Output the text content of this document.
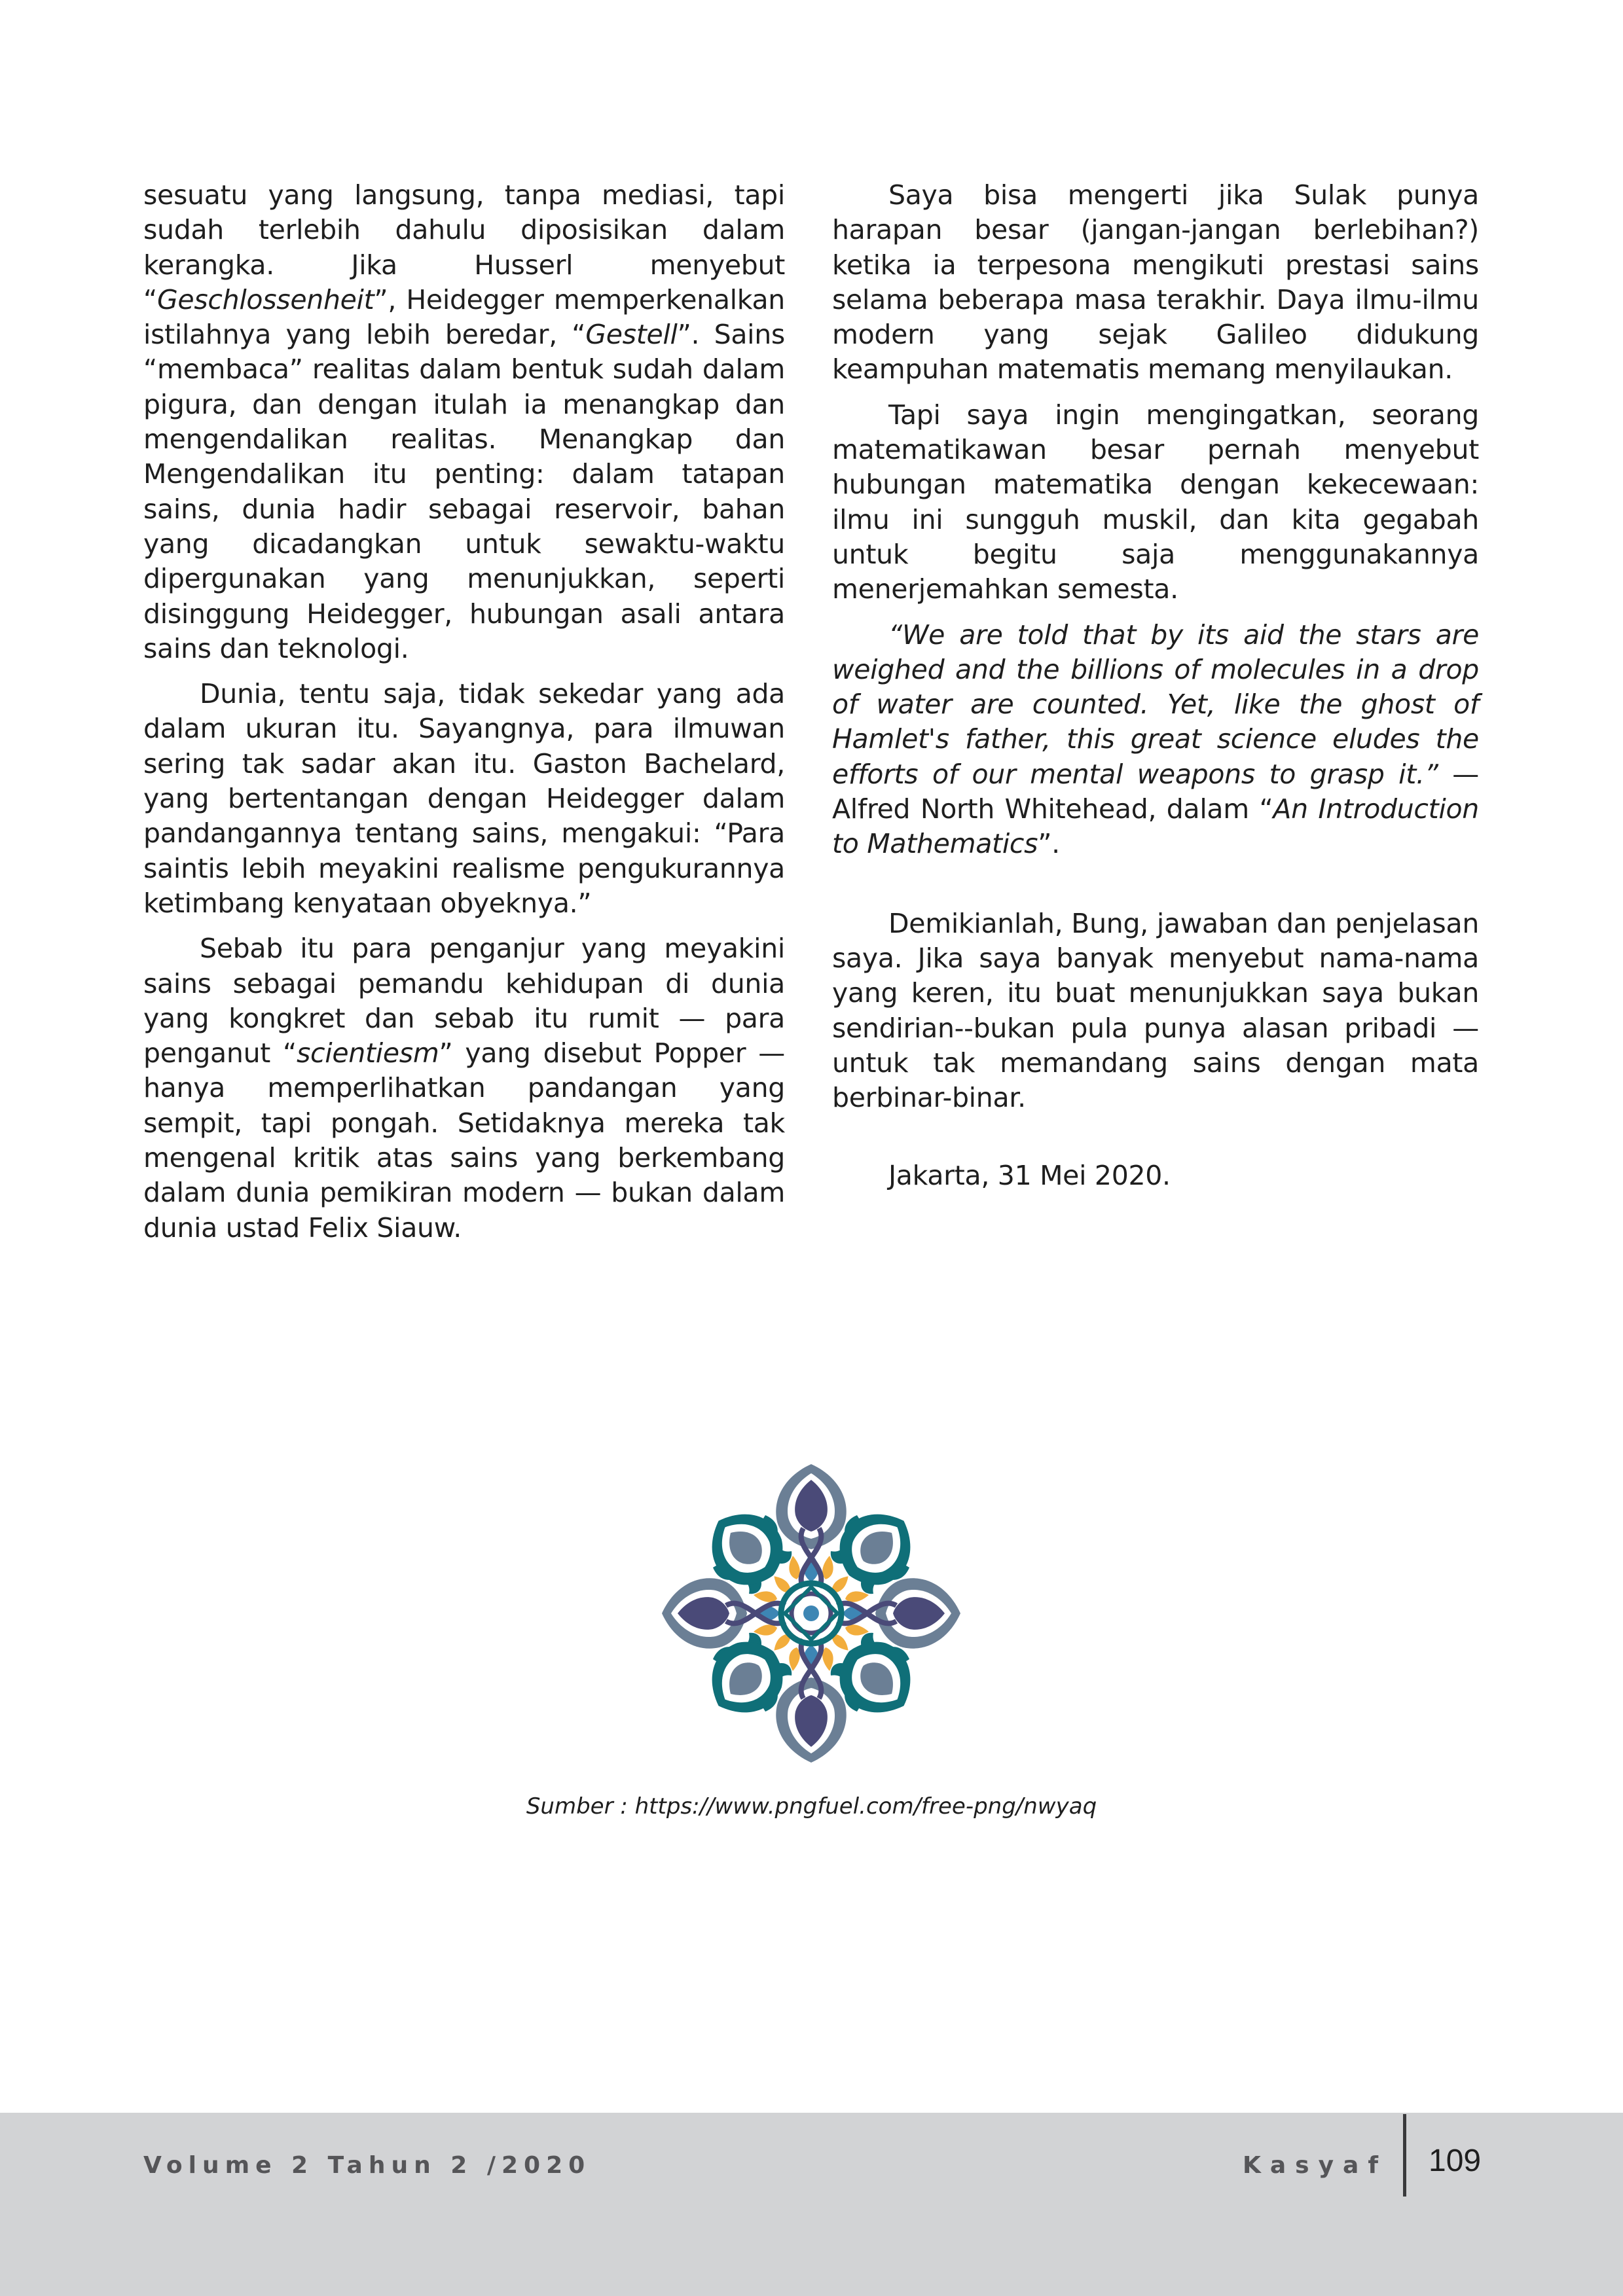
sesuatu yang langsung, tanpa mediasi, tapi sudah terlebih dahulu diposisikan dalam kerangka. Jika Husserl menyebut “Geschlossenheit”, Heidegger memperkenalkan istilahnya yang lebih beredar, “Gestell”. Sains “membaca” realitas dalam bentuk sudah dalam pigura, dan dengan itulah ia menangkap dan mengendalikan realitas. Menangkap dan Mengendalikan itu penting: dalam tatapan sains, dunia hadir sebagai reservoir, bahan yang dicadangkan untuk sewaktu-waktu dipergunakan yang menunjukkan, seperti disinggung Heidegger, hubungan asali antara sains dan teknologi.

Dunia, tentu saja, tidak sekedar yang ada dalam ukuran itu. Sayangnya, para ilmuwan sering tak sadar akan itu. Gaston Bachelard, yang bertentangan dengan Heidegger dalam pandangannya tentang sains, mengakui: “Para saintis lebih meyakini realisme pengukurannya ketimbang kenyataan obyeknya.”

Sebab itu para penganjur yang meyakini sains sebagai pemandu kehidupan di dunia yang kongkret dan sebab itu rumit — para penganut “scientiesm” yang disebut Popper — hanya memperlihatkan pandangan yang sempit, tapi pongah. Setidaknya mereka tak mengenal kritik atas sains yang berkembang dalam dunia pemikiran modern — bukan dalam dunia ustad Felix Siauw.

Saya bisa mengerti jika Sulak punya harapan besar (jangan-jangan berlebihan?) ketika ia terpesona mengikuti prestasi sains selama beberapa masa terakhir. Daya ilmu-ilmu modern yang sejak Galileo didukung keampuhan matematis memang menyilaukan.

Tapi saya ingin mengingatkan, seorang matematikawan besar pernah menyebut hubungan matematika dengan kekecewaan: ilmu ini sungguh muskil, dan kita gegabah untuk begitu saja menggunakannya menerjemahkan semesta.

“We are told that by its aid the stars are weighed and the billions of molecules in a drop of water are counted. Yet, like the ghost of Hamlet's father, this great science eludes the efforts of our mental weapons to grasp it.” — Alfred North Whitehead, dalam “An Introduction to Mathematics”.

Demikianlah, Bung, jawaban dan penjelasan saya. Jika saya banyak menyebut nama-nama yang keren, itu buat menunjukkan saya bukan sendirian--bukan pula punya alasan pribadi —untuk tak memandang sains dengan mata berbinar-binar.

Jakarta, 31 Mei 2020.

Sumber : https://www.pngfuel.com/free-png/nwyaq
Volume 2 Tahun 2 /2020	Kasyaf 109
